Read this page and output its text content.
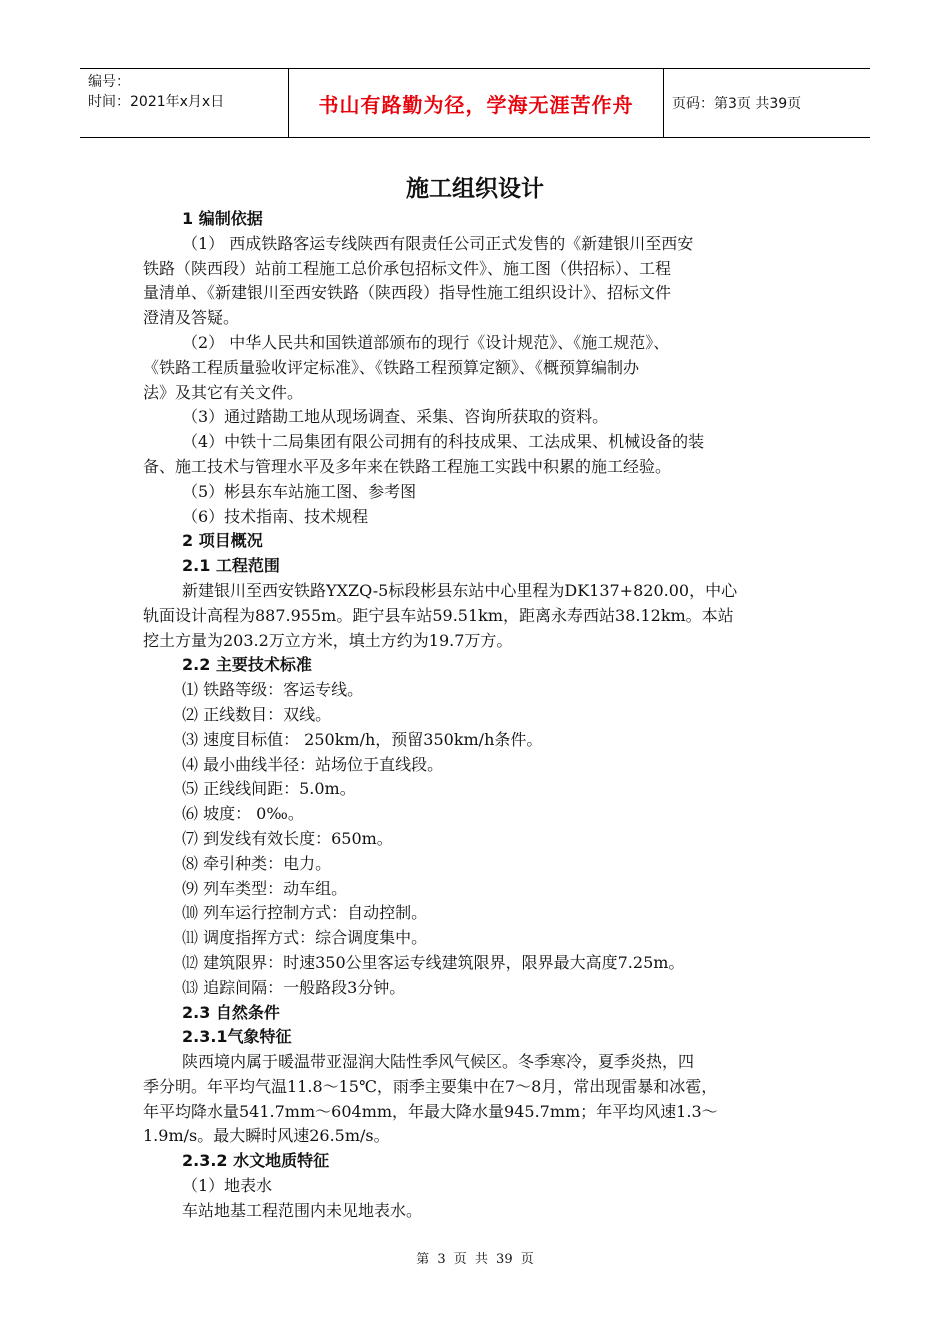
编号：
时间：2021年x月x日	书山有路勤为径，学海无涯苦作舟	页码：第3页 共39页
施工组织设计
1 编制依据
（1） 西成铁路客运专线陕西有限责任公司正式发售的《新建银川至西安
铁路（陕西段）站前工程施工总价承包招标文件》、施工图（供招标）、工程
量清单、《新建银川至西安铁路（陕西段）指导性施工组织设计》、招标文件
澄清及答疑。
（2） 中华人民共和国铁道部颁布的现行《设计规范》、《施工规范》、
《铁路工程质量验收评定标准》、《铁路工程预算定额》、《概预算编制办
法》及其它有关文件。
（3）通过踏勘工地从现场调查、采集、咨询所获取的资料。
（4）中铁十二局集团有限公司拥有的科技成果、工法成果、机械设备的装
备、施工技术与管理水平及多年来在铁路工程施工实践中积累的施工经验。
（5）彬县东车站施工图、参考图
（6）技术指南、技术规程
2 项目概况
2.1 工程范围
新建银川至西安铁路YXZQ-5标段彬县东站中心里程为DK137+820.00，中心
轨面设计高程为887.955m。距宁县车站59.51km，距离永寿西站38.12km。本站
挖土方量为203.2万立方米，填土方约为19.7万方。
2.2 主要技术标准
⑴ 铁路等级：客运专线。
⑵ 正线数目：双线。
⑶ 速度目标值： 250km/h，预留350km/h条件。
⑷ 最小曲线半径：站场位于直线段。
⑸ 正线线间距：5.0m。
⑹ 坡度： 0‰。
⑺ 到发线有效长度：650m。
⑻ 牵引种类：电力。
⑼ 列车类型：动车组。
⑽ 列车运行控制方式：自动控制。
⑾ 调度指挥方式：综合调度集中。
⑿ 建筑限界：时速350公里客运专线建筑限界，限界最大高度7.25m。
⒀ 追踪间隔：一般路段3分钟。
2.3 自然条件
2.3.1气象特征
陕西境内属于暖温带亚湿润大陆性季风气候区。冬季寒冷，夏季炎热，四
季分明。年平均气温11.8～15℃，雨季主要集中在7～8月，常出现雷暴和冰雹，
年平均降水量541.7mm～604mm，年最大降水量945.7mm；年平均风速1.3～
1.9m/s。最大瞬时风速26.5m/s。
2.3.2 水文地质特征
（1）地表水
车站地基工程范围内未见地表水。
第 3 页 共 39 页
